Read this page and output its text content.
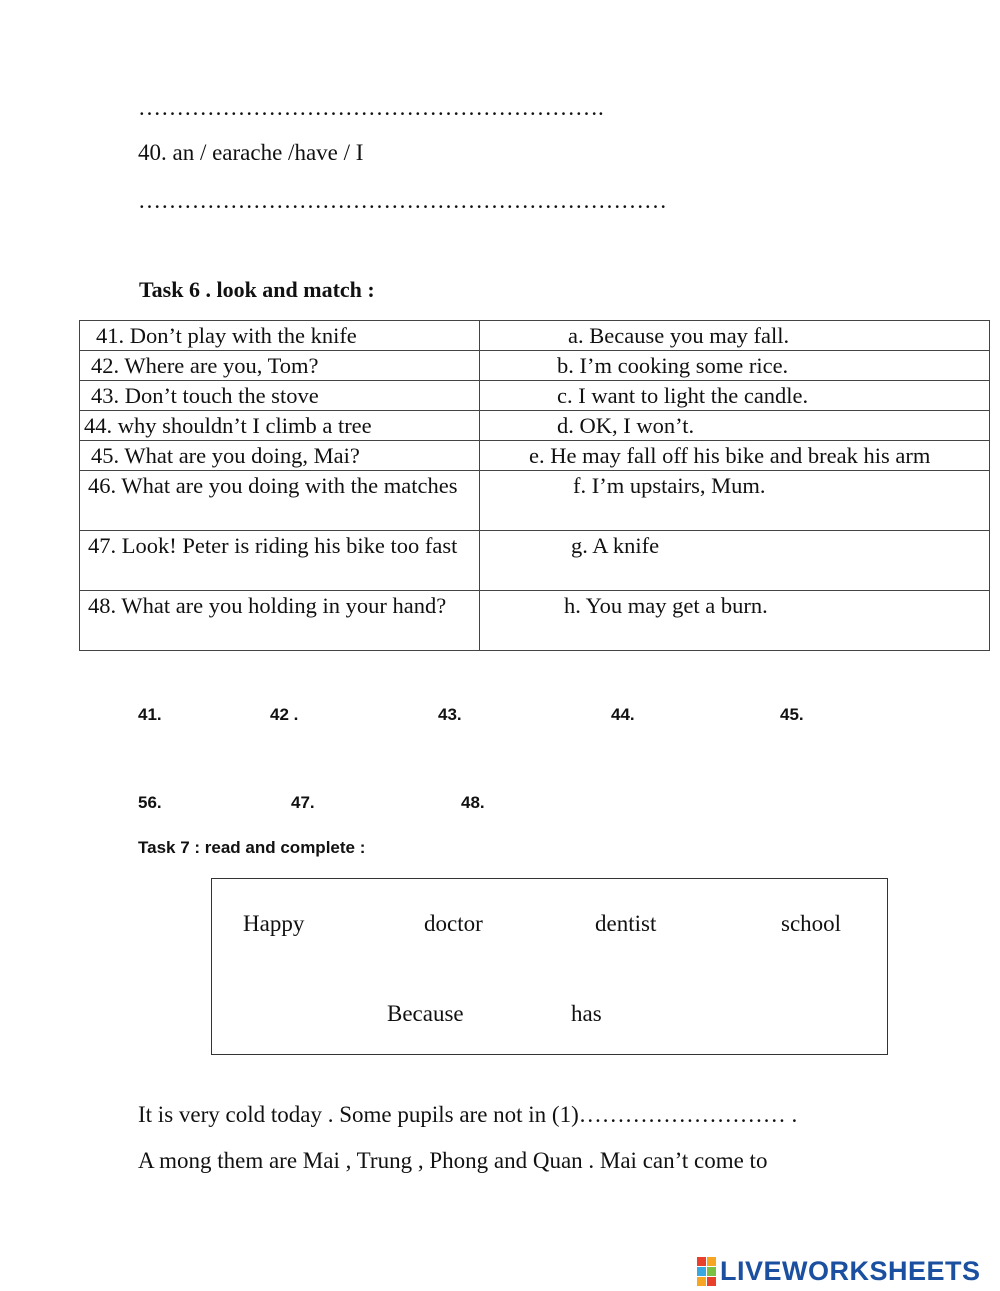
…………………………………………………….
40. an / earache /have / I
……………………………………………………………
Task 6 . look and match :
41. Don’t play with the knife	a. Because you may fall.
42. Where are you, Tom?	b. I’m cooking some rice.
43. Don’t touch the stove	c. I want to light the candle.
44. why shouldn’t I climb a tree	d. OK, I won’t.
45. What are you doing, Mai?	e. He may fall off his bike and break his arm
46. What are you doing with the matches	f. I’m upstairs, Mum.
47. Look! Peter is riding his bike too fast	g. A knife
48. What are you holding in your hand?	h. You may get a burn.
41.	42 .	43.	44.	45.
56.	47.	48.
Task 7 : read and complete :
Happy	doctor	dentist	school
Because	has
It is very cold today . Some pupils are not in (1)……………………… .
A mong them are Mai , Trung , Phong and Quan . Mai can’t come to
LIVEWORKSHEETS
